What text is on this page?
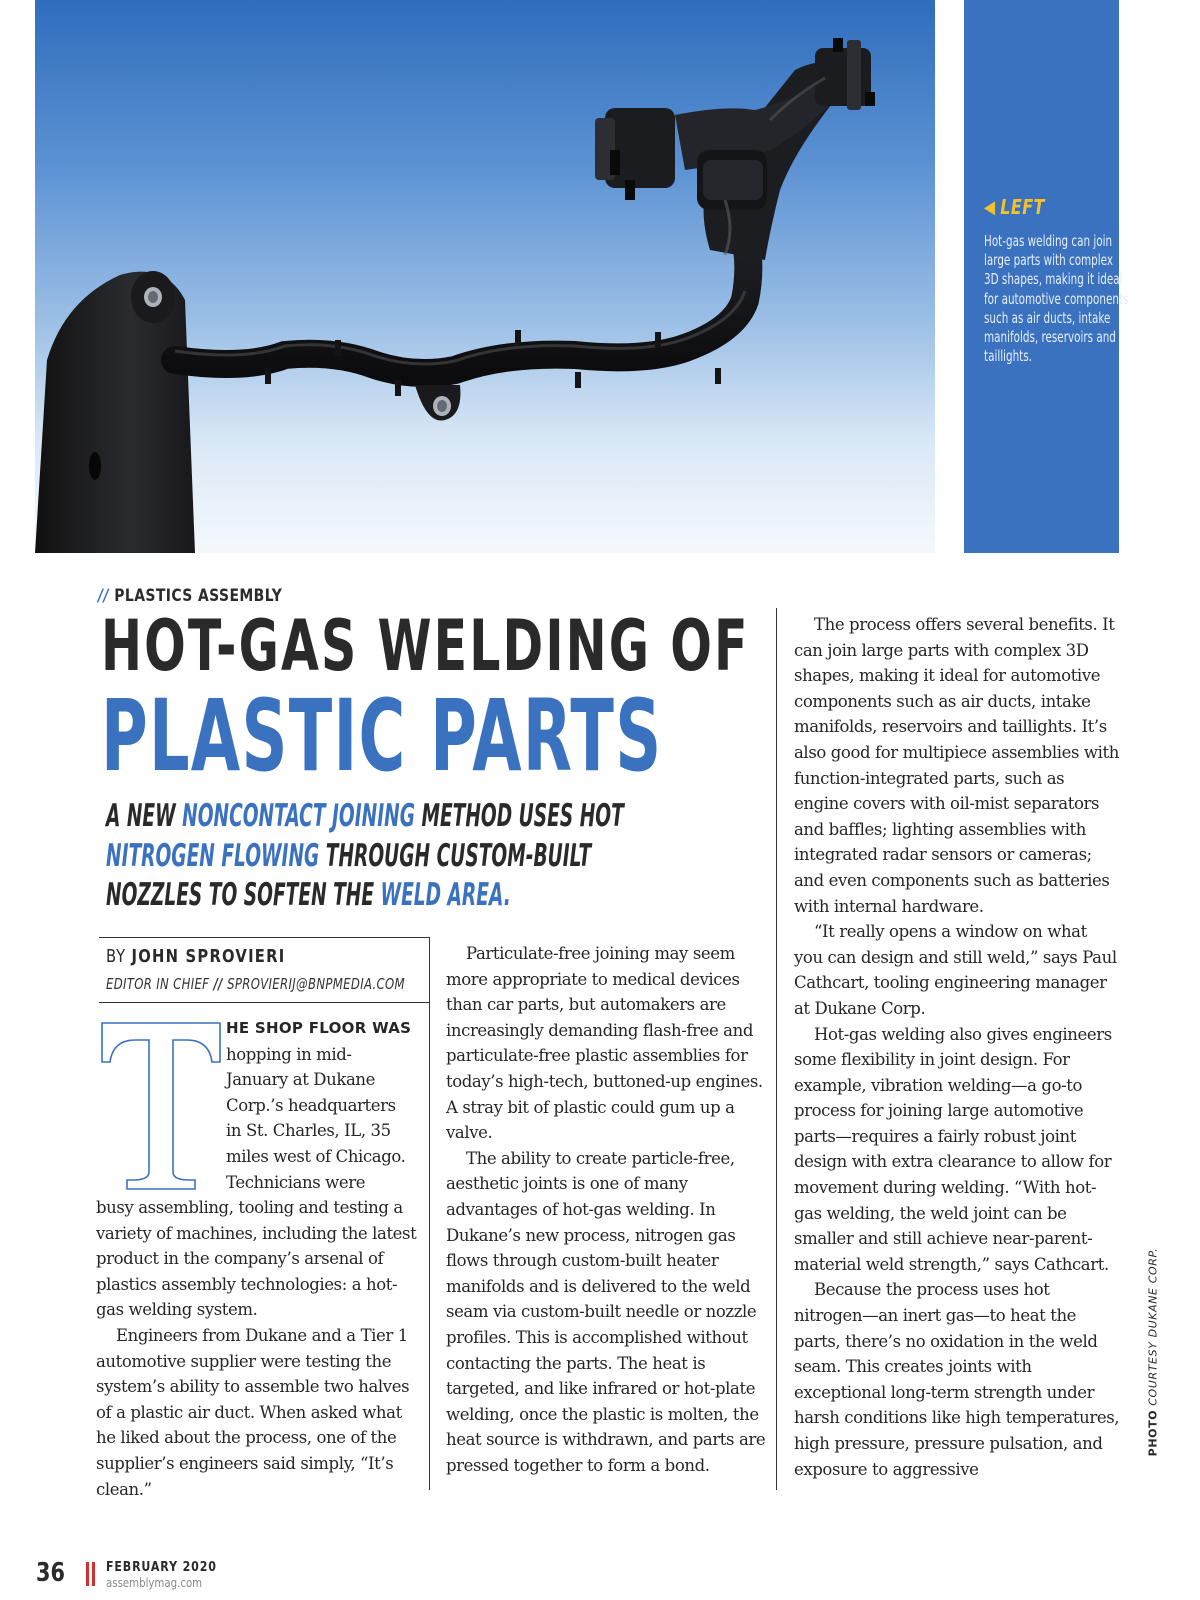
◀ LEFT
Hot-gas welding can join large parts with complex 3D shapes, making it ideal for automotive components such as air ducts, intake manifolds, reservoirs and taillights.
// PLASTICS ASSEMBLY
HOT-GAS WELDING OF
PLASTIC PARTS
A NEW NONCONTACT JOINING METHOD USES HOT NITROGEN FLOWING THROUGH CUSTOM-BUILT NOZZLES TO SOFTEN THE WELD AREA.
BY JOHN SPROVIERI
EDITOR IN CHIEF // SPROVIERIJ@BNPMEDIA.COM
T	HE SHOP FLOOR WAS
hopping in mid-
January at Dukane
Corp.’s headquarters
in St. Charles, IL, 35
miles west of Chicago.
Technicians were

busy assembling, tooling and testing a variety of machines, including the latest product in the company’s arsenal of plastics assembly technologies: a hot-gas welding system.

Engineers from Dukane and a Tier 1 automotive supplier were testing the system’s ability to assemble two halves of a plastic air duct. When asked what he liked about the process, one of the supplier’s engineers said simply, “It’s clean.”

Particulate-free joining may seem more appropriate to medical devices than car parts, but automakers are increasingly demanding flash-free and particulate-free plastic assemblies for today’s high-tech, buttoned-up engines. A stray bit of plastic could gum up a valve.

The ability to create particle-free, aesthetic joints is one of many advantages of hot-gas welding. In Dukane’s new process, nitrogen gas flows through custom-built heater manifolds and is delivered to the weld seam via custom-built needle or nozzle profiles. This is accomplished without contacting the parts. The heat is targeted, and like infrared or hot-plate welding, once the plastic is molten, the heat source is withdrawn, and parts are pressed together to form a bond.

The process offers several benefits. It can join large parts with complex 3D shapes, making it ideal for automotive components such as air ducts, intake manifolds, reservoirs and taillights. It’s also good for multipiece assemblies with function-integrated parts, such as engine covers with oil-mist separators and baffles; lighting assemblies with integrated radar sensors or cameras; and even components such as batteries with internal hardware.

“It really opens a window on what you can design and still weld,” says Paul Cathcart, tooling engineering manager at Dukane Corp.

Hot-gas welding also gives engineers some flexibility in joint design. For example, vibration welding—a go-to process for joining large automotive parts—requires a fairly robust joint design with extra clearance to allow for movement during welding. “With hot-gas welding, the weld joint can be smaller and still achieve near-parent-material weld strength,” says Cathcart.

Because the process uses hot nitrogen—an inert gas—to heat the parts, there’s no oxidation in the weld seam. This creates joints with exceptional long-term strength under harsh conditions like high temperatures, high pressure, pressure pulsation, and exposure to aggressive

PHOTO COURTESY DUKANE CORP.
36	FEBRUARY 2020
assemblymag.com
